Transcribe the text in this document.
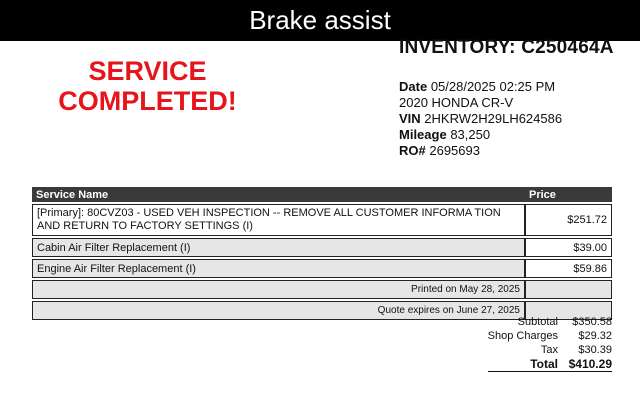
Brake assist
SERVICE COMPLETED!
INVENTORY: C250464A
Date 05/28/2025 02:25 PM
2020 HONDA CR-V
VIN 2HKRW2H29LH624586
Mileage 83,250
RO# 2695693
Service Name	Price
[Primary]: 80CVZ03 - USED VEH INSPECTION -- REMOVE ALL CUSTOMER INFORMA TION AND RETURN TO FACTORY SETTINGS (I)	$251.72
Cabin Air Filter Replacement (I)	$39.00
Engine Air Filter Replacement (I)	$59.86
Printed on May 28, 2025	
Quote expires on June 27, 2025	
Subtotal	$350.58
Shop Charges	$29.32
Tax	$30.39
Total $410.29
